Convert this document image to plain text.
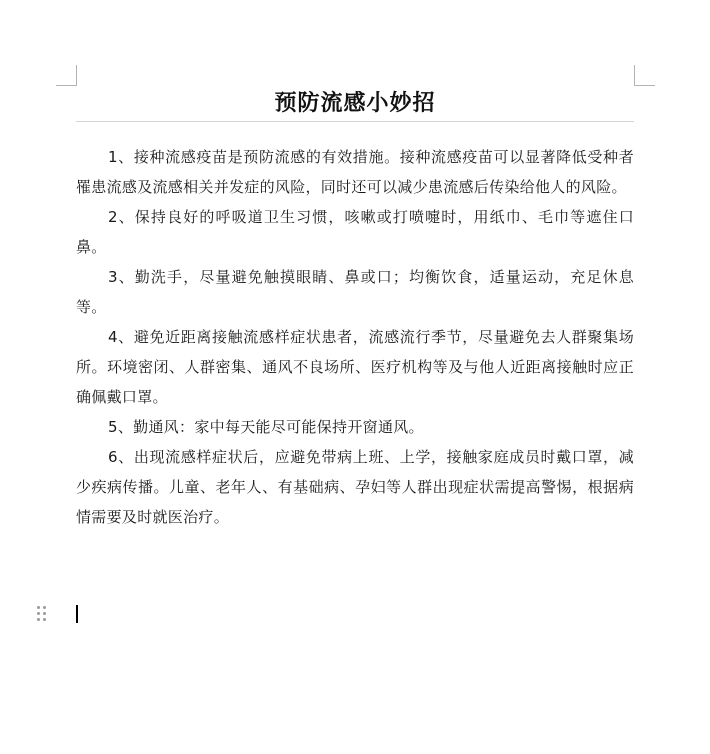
预防流感小妙招

1、接种流感疫苗是预防流感的有效措施。接种流感疫苗可以显著降低受种者罹患流感及流感相关并发症的风险，同时还可以减少患流感后传染给他人的风险。

2、保持良好的呼吸道卫生习惯，咳嗽或打喷嚏时，用纸巾、毛巾等遮住口鼻。

3、勤洗手，尽量避免触摸眼睛、鼻或口；均衡饮食，适量运动，充足休息等。

4、避免近距离接触流感样症状患者，流感流行季节，尽量避免去人群聚集场所。环境密闭、人群密集、通风不良场所、医疗机构等及与他人近距离接触时应正确佩戴口罩。

5、勤通风：家中每天能尽可能保持开窗通风。

6、出现流感样症状后，应避免带病上班、上学，接触家庭成员时戴口罩，减少疾病传播。儿童、老年人、有基础病、孕妇等人群出现症状需提高警惕，根据病情需要及时就医治疗。
